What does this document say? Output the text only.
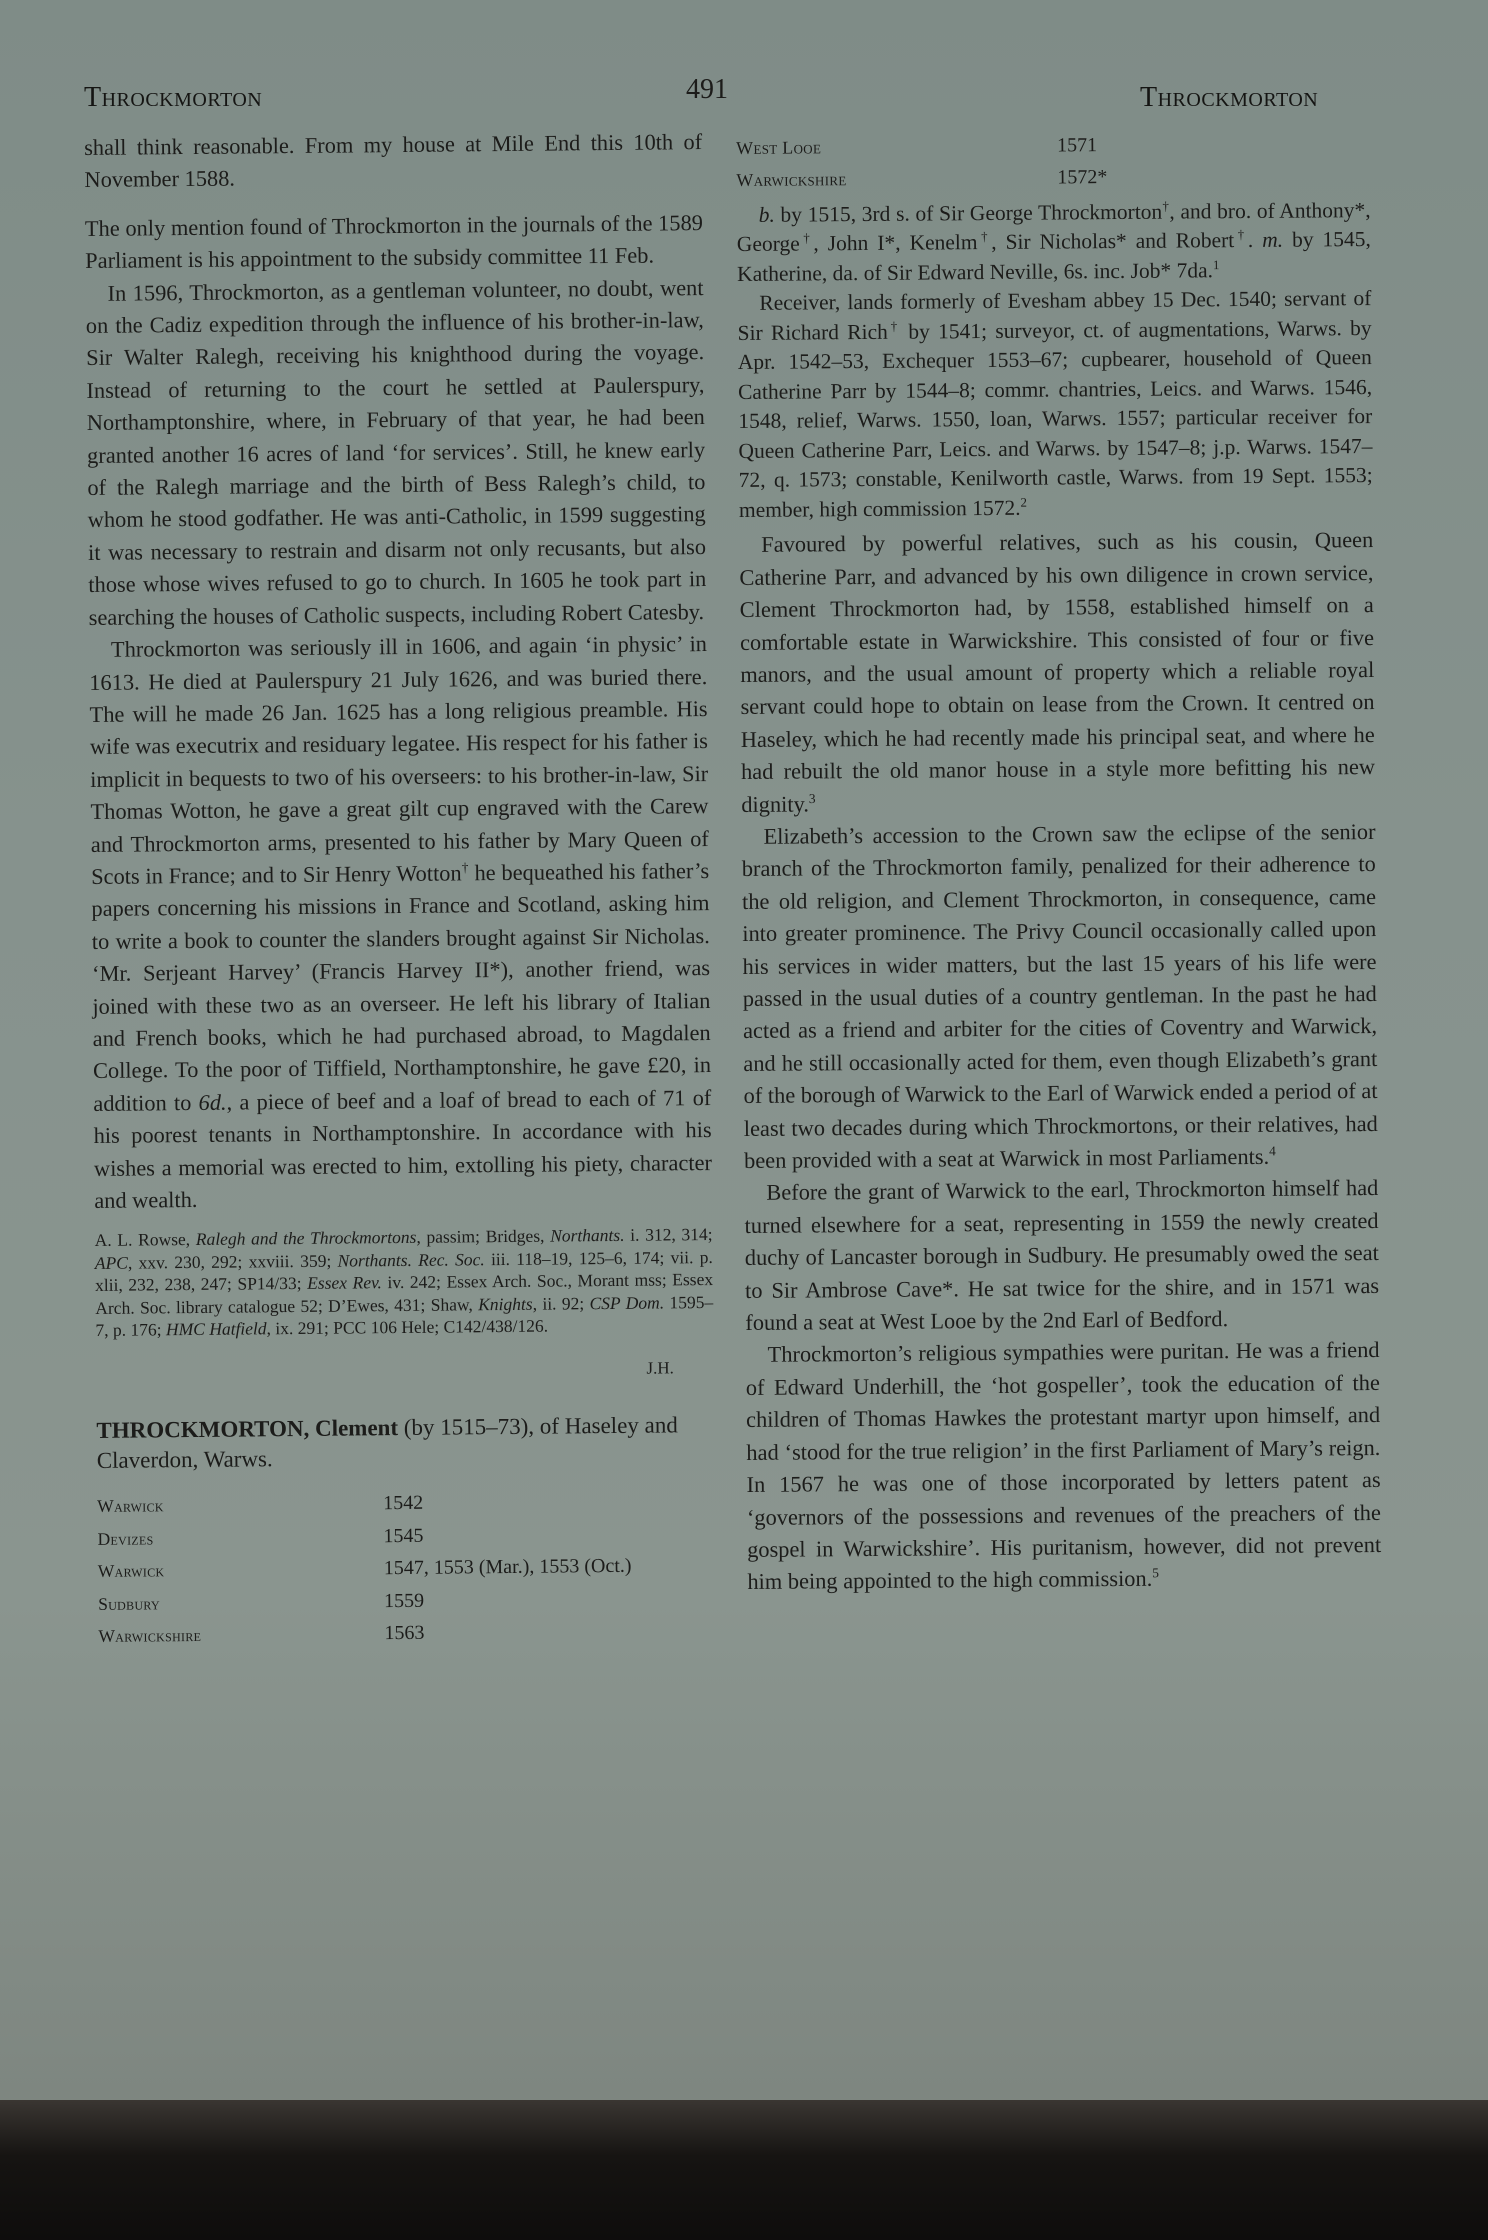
Throckmorton	491	Throckmorton

shall think reasonable. From my house at Mile End this 10th of November 1588.

The only mention found of Throckmorton in the journals of the 1589 Parliament is his appointment to the subsidy committee 11 Feb.

In 1596, Throckmorton, as a gentleman volunteer, no doubt, went on the Cadiz expedition through the influence of his brother-in-law, Sir Walter Ralegh, receiving his knighthood during the voyage. Instead of returning to the court he settled at Paulerspury, Northamptonshire, where, in February of that year, he had been granted another 16 acres of land ‘for services’. Still, he knew early of the Ralegh marriage and the birth of Bess Ralegh’s child, to whom he stood godfather. He was anti-Catholic, in 1599 suggesting it was necessary to restrain and disarm not only recusants, but also those whose wives refused to go to church. In 1605 he took part in searching the houses of Catholic suspects, including Robert Catesby.

Throckmorton was seriously ill in 1606, and again ‘in physic’ in 1613. He died at Paulerspury 21 July 1626, and was buried there. The will he made 26 Jan. 1625 has a long religious preamble. His wife was executrix and residuary legatee. His respect for his father is implicit in bequests to two of his overseers: to his brother-in-law, Sir Thomas Wotton, he gave a great gilt cup engraved with the Carew and Throckmorton arms, presented to his father by Mary Queen of Scots in France; and to Sir Henry Wotton† he bequeathed his father’s papers concerning his missions in France and Scotland, asking him to write a book to counter the slanders brought against Sir Nicholas. ‘Mr. Serjeant Harvey’ (Francis Harvey II*), another friend, was joined with these two as an overseer. He left his library of Italian and French books, which he had purchased abroad, to Magdalen College. To the poor of Tiffield, Northamptonshire, he gave £20, in addition to 6d., a piece of beef and a loaf of bread to each of 71 of his poorest tenants in Northamptonshire. In accordance with his wishes a memorial was erected to him, extolling his piety, character and wealth.

A. L. Rowse, Ralegh and the Throckmortons, passim; Bridges, Northants. i. 312, 314; APC, xxv. 230, 292; xxviii. 359; Northants. Rec. Soc. iii. 118–19, 125–6, 174; vii. p. xlii, 232, 238, 247; SP14/33; Essex Rev. iv. 242; Essex Arch. Soc., Morant mss; Essex Arch. Soc. library catalogue 52; D’Ewes, 431; Shaw, Knights, ii. 92; CSP Dom. 1595–7, p. 176; HMC Hatfield, ix. 291; PCC 106 Hele; C142/438/126.
J.H.
THROCKMORTON, Clement (by 1515–73), of Haseley and Claverdon, Warws.
Warwick	1542
Devizes	1545
Warwick	1547, 1553 (Mar.), 1553 (Oct.)
Sudbury	1559
Warwickshire	1563
West Looe	1571
Warwickshire	1572*

b. by 1515, 3rd s. of Sir George Throckmorton†, and bro. of Anthony*, George†, John I*, Kenelm†, Sir Nicholas* and Robert†. m. by 1545, Katherine, da. of Sir Edward Neville, 6s. inc. Job* 7da.$^1$

Receiver, lands formerly of Evesham abbey 15 Dec. 1540; servant of Sir Richard Rich† by 1541; surveyor, ct. of augmentations, Warws. by Apr. 1542–53, Exchequer 1553–67; cupbearer, household of Queen Catherine Parr by 1544–8; commr. chantries, Leics. and Warws. 1546, 1548, relief, Warws. 1550, loan, Warws. 1557; particular receiver for Queen Catherine Parr, Leics. and Warws. by 1547–8; j.p. Warws. 1547–72, q. 1573; constable, Kenilworth castle, Warws. from 19 Sept. 1553; member, high commission 1572.$^2$

Favoured by powerful relatives, such as his cousin, Queen Catherine Parr, and advanced by his own diligence in crown service, Clement Throckmorton had, by 1558, established himself on a comfortable estate in Warwickshire. This consisted of four or five manors, and the usual amount of property which a reliable royal servant could hope to obtain on lease from the Crown. It centred on Haseley, which he had recently made his principal seat, and where he had rebuilt the old manor house in a style more befitting his new dignity.$^3$

Elizabeth’s accession to the Crown saw the eclipse of the senior branch of the Throckmorton family, penalized for their adherence to the old religion, and Clement Throckmorton, in consequence, came into greater prominence. The Privy Council occasionally called upon his services in wider matters, but the last 15 years of his life were passed in the usual duties of a country gentleman. In the past he had acted as a friend and arbiter for the cities of Coventry and Warwick, and he still occasionally acted for them, even though Elizabeth’s grant of the borough of Warwick to the Earl of Warwick ended a period of at least two decades during which Throckmortons, or their relatives, had been provided with a seat at Warwick in most Parliaments.$^4$

Before the grant of Warwick to the earl, Throckmorton himself had turned elsewhere for a seat, representing in 1559 the newly created duchy of Lancaster borough in Sudbury. He presumably owed the seat to Sir Ambrose Cave*. He sat twice for the shire, and in 1571 was found a seat at West Looe by the 2nd Earl of Bedford.

Throckmorton’s religious sympathies were puritan. He was a friend of Edward Underhill, the ‘hot gospeller’, took the education of the children of Thomas Hawkes the protestant martyr upon himself, and had ‘stood for the true religion’ in the first Parliament of Mary’s reign. In 1567 he was one of those incorporated by letters patent as ‘governors of the possessions and revenues of the preachers of the gospel in Warwickshire’. His puritanism, however, did not prevent him being appointed to the high commission.$^5$
